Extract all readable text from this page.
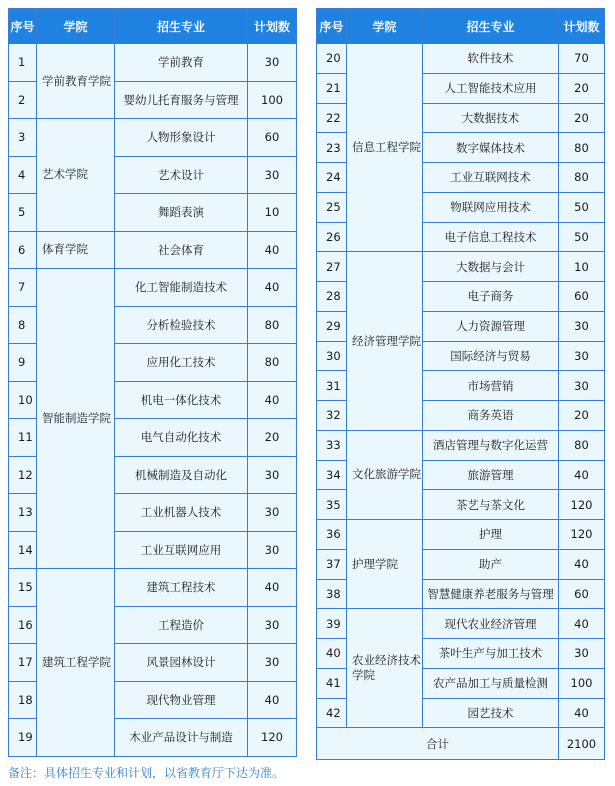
序号	学院	招生专业	计划数
1	学前教育学院	学前教育	30
2		婴幼儿托育服务与管理	100
3	艺术学院	人物形象设计	60
4		艺术设计	30
5		舞蹈表演	10
6	体育学院	社会体育	40
7	智能制造学院	化工智能制造技术	40
8		分析检验技术	80
9		应用化工技术	80
10		机电一体化技术	40
11		电气自动化技术	20
12		机械制造及自动化	30
13		工业机器人技术	30
14		工业互联网应用	30
15	建筑工程学院	建筑工程技术	40
16		工程造价	30
17		风景园林设计	30
18		现代物业管理	40
19		木业产品设计与制造	120
序号	学院	招生专业	计划数
20	信息工程学院	软件技术	70
21		人工智能技术应用	20
22		大数据技术	20
23		数字媒体技术	80
24		工业互联网技术	80
25		物联网应用技术	50
26		电子信息工程技术	50
27	经济管理学院	大数据与会计	10
28		电子商务	60
29		人力资源管理	30
30		国际经济与贸易	30
31		市场营销	30
32		商务英语	20
33	文化旅游学院	酒店管理与数字化运营	80
34		旅游管理	40
35		茶艺与茶文化	120
36	护理学院	护理	120
37		助产	40
38		智慧健康养老服务与管理	60
39	农业经济技术学院	现代农业经济管理	40
40		茶叶生产与加工技术	30
41		农产品加工与质量检测	100
42		园艺技术	40
合计			2100
备注：具体招生专业和计划，以省教育厅下达为准。
